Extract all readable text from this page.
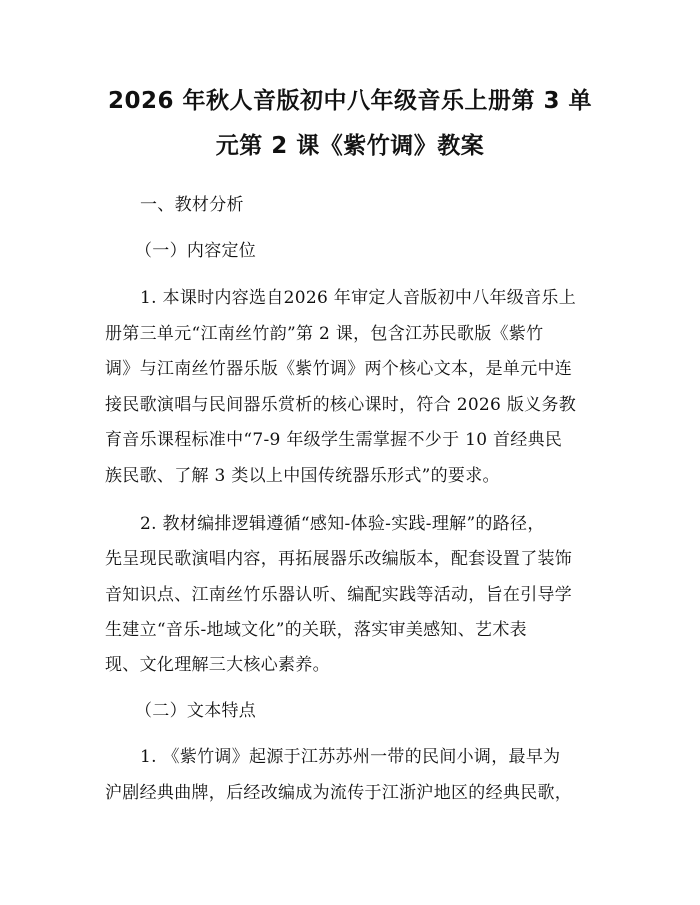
2026 年秋人音版初中八年级音乐上册第 3 单
元第 2 课《紫竹调》教案
一、教材分析
（一）内容定位
1. 本课时内容选自2026 年审定人音版初中八年级音乐上
册第三单元“江南丝竹韵”第 2 课，包含江苏民歌版《紫竹
调》与江南丝竹器乐版《紫竹调》两个核心文本，是单元中连
接民歌演唱与民间器乐赏析的核心课时，符合 2026 版义务教
育音乐课程标准中“7-9 年级学生需掌握不少于 10 首经典民
族民歌、了解 3 类以上中国传统器乐形式”的要求。
2. 教材编排逻辑遵循“感知-体验-实践-理解”的路径，
先呈现民歌演唱内容，再拓展器乐改编版本，配套设置了装饰
音知识点、江南丝竹乐器认听、编配实践等活动，旨在引导学
生建立“音乐-地域文化”的关联，落实审美感知、艺术表
现、文化理解三大核心素养。
（二）文本特点
1. 《紫竹调》起源于江苏苏州一带的民间小调，最早为
沪剧经典曲牌，后经改编成为流传于江浙沪地区的经典民歌，
